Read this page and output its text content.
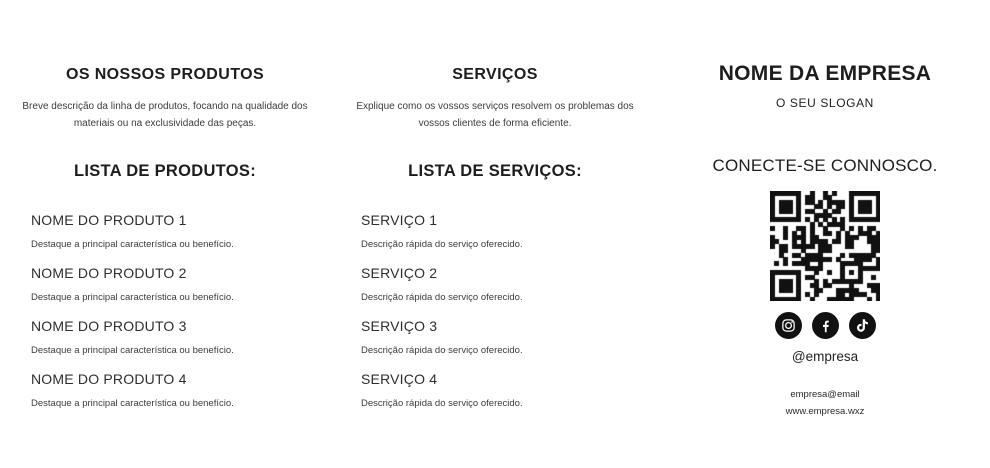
OS NOSSOS PRODUTOS

Breve descrição da linha de produtos, focando na qualidade dos materiais ou na exclusividade das peças.

LISTA DE PRODUTOS:
NOME DO PRODUTO 1
Destaque a principal característica ou benefício.
NOME DO PRODUTO 2
Destaque a principal característica ou benefício.
NOME DO PRODUTO 3
Destaque a principal característica ou benefício.
NOME DO PRODUTO 4
Destaque a principal característica ou benefício.
SERVIÇOS

Explique como os vossos serviços resolvem os problemas dos vossos clientes de forma eficiente.

LISTA DE SERVIÇOS:
SERVIÇO 1
Descrição rápida do serviço oferecido.
SERVIÇO 2
Descrição rápida do serviço oferecido.
SERVIÇO 3
Descrição rápida do serviço oferecido.
SERVIÇO 4
Descrição rápida do serviço oferecido.
NOME DA EMPRESA
O SEU SLOGAN
CONECTE-SE CONNOSCO.
@empresa
empresa@email
www.empresa.wxz
